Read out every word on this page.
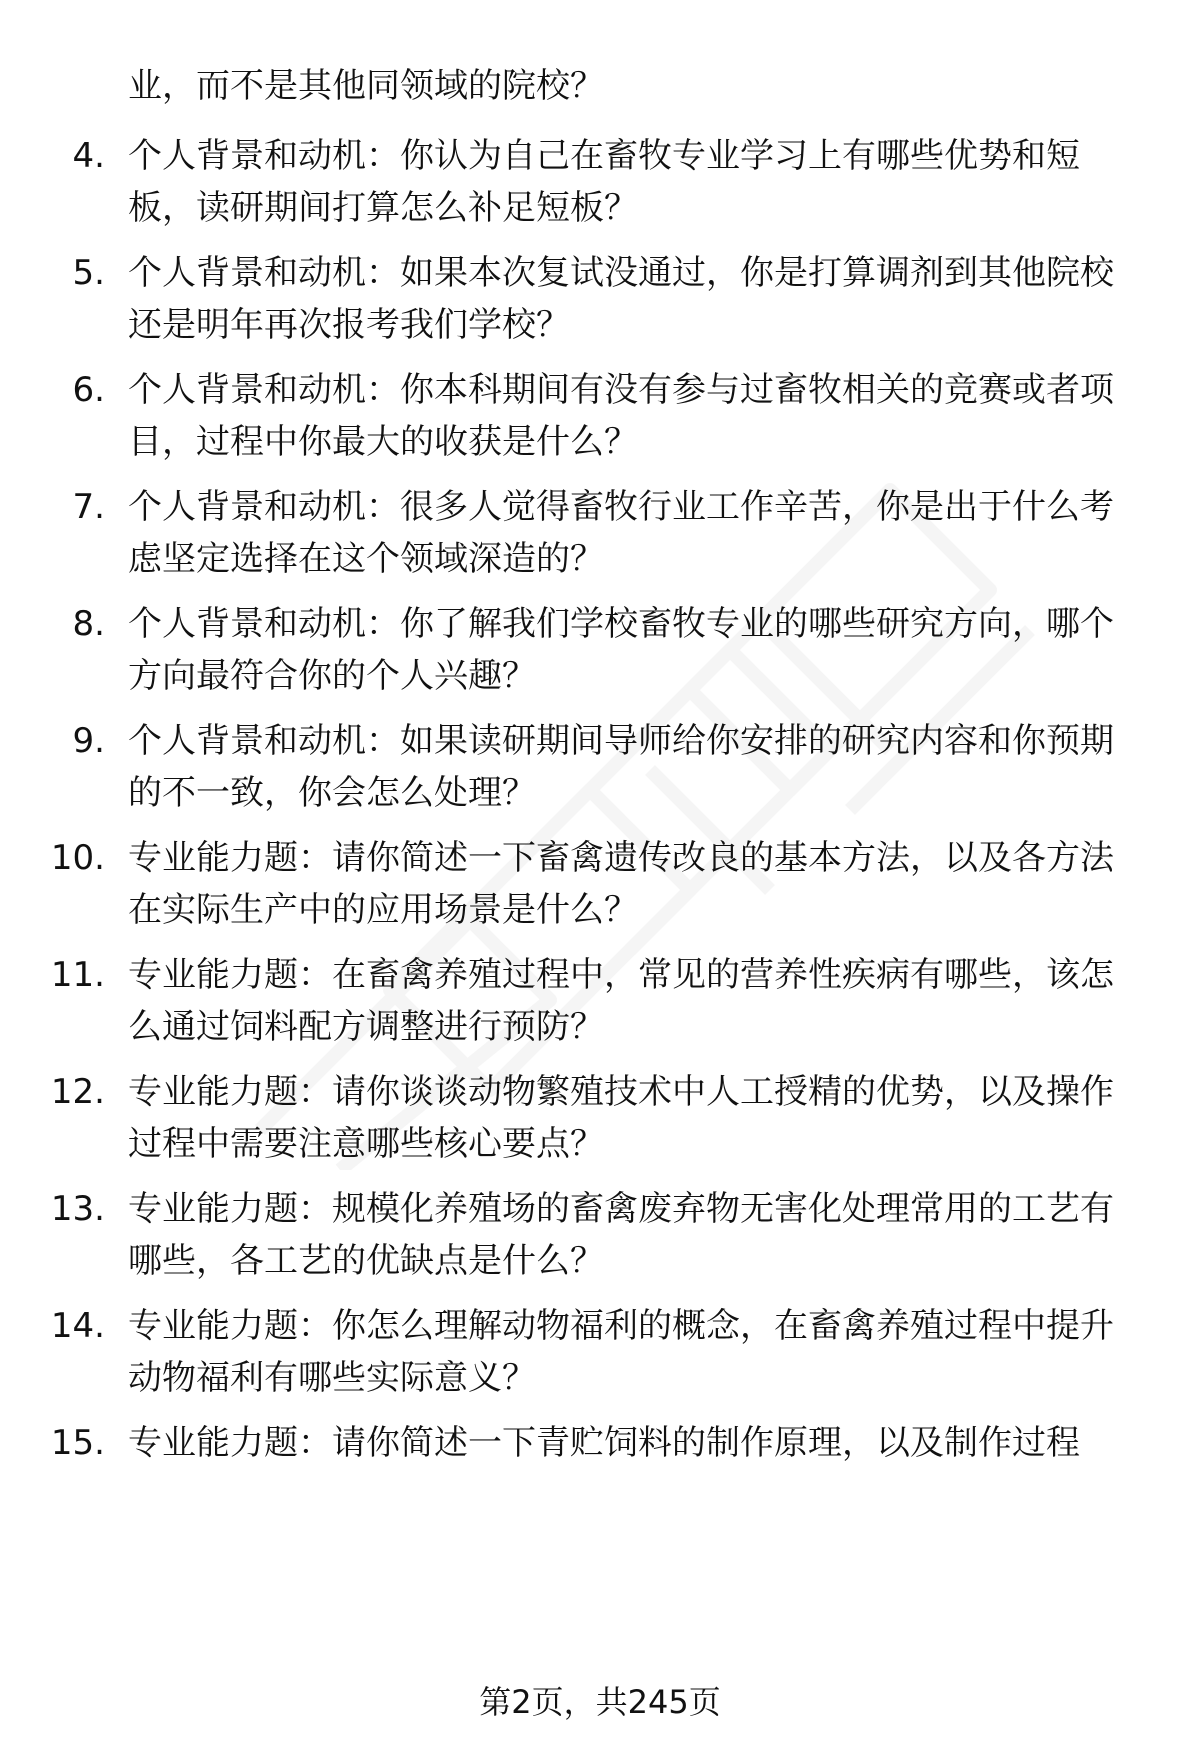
业，而不是其他同领域的院校？

4. 个人背景和动机：你认为自己在畜牧专业学习上有哪些优势和短板，读研期间打算怎么补足短板？

5. 个人背景和动机：如果本次复试没通过，你是打算调剂到其他院校还是明年再次报考我们学校？

6. 个人背景和动机：你本科期间有没有参与过畜牧相关的竞赛或者项目，过程中你最大的收获是什么？

7. 个人背景和动机：很多人觉得畜牧行业工作辛苦，你是出于什么考虑坚定选择在这个领域深造的？

8. 个人背景和动机：你了解我们学校畜牧专业的哪些研究方向，哪个方向最符合你的个人兴趣？

9. 个人背景和动机：如果读研期间导师给你安排的研究内容和你预期的不一致，你会怎么处理？

10. 专业能力题：请你简述一下畜禽遗传改良的基本方法，以及各方法在实际生产中的应用场景是什么？

11. 专业能力题：在畜禽养殖过程中，常见的营养性疾病有哪些，该怎么通过饲料配方调整进行预防？

12. 专业能力题：请你谈谈动物繁殖技术中人工授精的优势，以及操作过程中需要注意哪些核心要点？

13. 专业能力题：规模化养殖场的畜禽废弃物无害化处理常用的工艺有哪些，各工艺的优缺点是什么？

14. 专业能力题：你怎么理解动物福利的概念，在畜禽养殖过程中提升动物福利有哪些实际意义？

15. 专业能力题：请你简述一下青贮饲料的制作原理，以及制作过程

第2页，共245页
